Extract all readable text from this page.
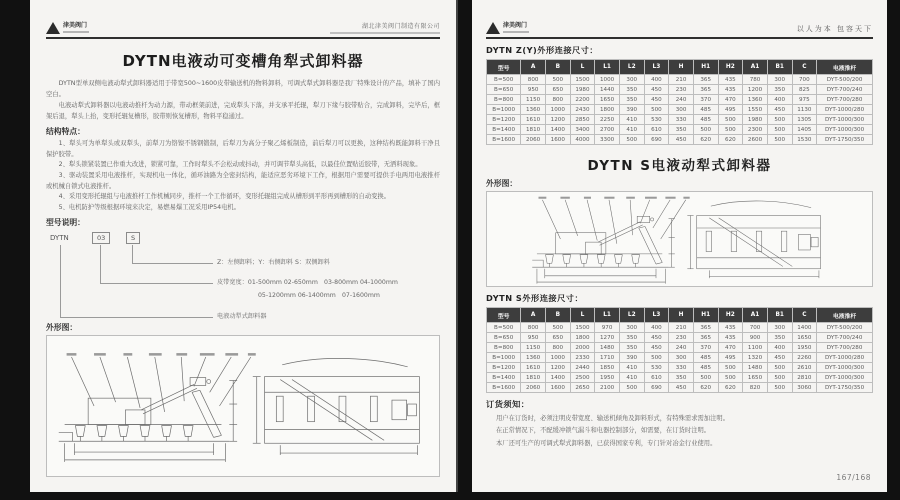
津美阀门	湖北津美阀门制造有限公司
DYTN电液动可变槽角犁式卸料器

DYTN型单双侧电液动犁式卸料器适用于带宽500~1600皮带输送机的物料卸料，可调式犁式卸料器是我厂特殊设计的产品，填补了国内空白。

电液动犁式卸料器以电液动推杆为动力源，带动框架前进，完成犁头下落，并支承平托辊，犁刀下缘与胶带贴合，完成卸料，完毕后，框架后退，犁头上抬，变形托辊复槽形，胶带则恢复槽形，物料平稳通过。

结构特点：

1、犁头可为单犁头或双犁头，前犁刀为铬镍不锈钢锻制，后犁刀为高分子聚乙烯板制造，前后犁刀可以更换，这种结构既能卸料干净且保护胶带。

2、犁头锁紧装置已作重大改进，锁紧可靠，工作时犁头不会松动或抖动，并可调节犁头高低，以最佳位置贴近胶带，无洒料现象。

3、驱动装置采用电液推杆，实现机电一体化，循环油路为全密封结构，能适应恶劣环境下工作，根据用户需要可提供手电两用电液推杆或机械自锁式电液推杆。

4、采用变形托辊组与电液推杆工作机械同步，推杆一个工作循环，变形托辊组完成从槽形到平形再到槽形的自动变换。

5、电机防护等级根据环境来决定，易燃易爆工况采用IP54电机。

型号说明：
DYTN	03	S
Z：左侧卸料；Y：右侧卸料 S：双侧卸料
皮带宽度：01-500mm 02-650mm　03-800mm 04-1000mm
05-1200mm 06-1400mm　07-1600mm
电液动犁式卸料器
外形图：
津美阀门	以人为本 包容天下
DYTN Z(Y)外形连接尺寸：
型号	A	B	L	L1	L2	L3	H	H1	H2	A1	B1	C	电液推杆
B=500	800	500	1500	1000	300	400	210	365	435	780	300	700	DYT-500/200
B=650	950	650	1980	1440	350	450	230	365	435	1200	350	825	DYT-700/240
B=800	1150	800	2200	1650	350	450	240	370	470	1360	400	975	DYT-700/280
B=1000	1360	1000	2430	1800	390	500	300	485	495	1550	450	1130	DYT-1000/280
B=1200	1610	1200	2850	2250	410	530	330	485	500	1980	500	1305	DYT-1000/300
B=1400	1810	1400	3400	2700	410	610	350	500	500	2300	500	1405	DYT-1000/300
B=1600	2060	1600	4000	3300	500	690	450	620	620	2600	500	1530	DYT-1750/350
DYTN S电液动犁式卸料器
外形图：
DYTN S外形连接尺寸：
型号	A	B	L	L1	L2	L3	H	H1	H2	A1	B1	C	电液推杆
B=500	800	500	1500	970	300	400	210	365	435	700	300	1400	DYT-500/200
B=650	950	650	1800	1270	350	450	230	365	435	900	350	1650	DYT-700/240
B=800	1150	800	2000	1480	350	450	240	370	470	1100	400	1950	DYT-700/280
B=1000	1360	1000	2330	1710	390	500	300	485	495	1320	450	2260	DYT-1000/280
B=1200	1610	1200	2440	1850	410	530	330	485	500	1480	500	2610	DYT-1000/300
B=1400	1810	1400	2500	1950	410	610	350	500	500	1650	500	2810	DYT-1000/300
B=1600	2060	1600	2650	2100	500	690	450	620	620	820	500	3060	DYT-1750/350
订货须知：

用户在订货时，必须注明皮带宽度、输送机倾角及卸料形式，有特殊需求需加注明。

在正常情况下，不配缓冲锁气漏斗和电器控制部分，如需要，在订货时注明。

本厂还可生产的可调式犁式卸料器，已获得国家专利，专门针对冶金行业使用。

167/168
